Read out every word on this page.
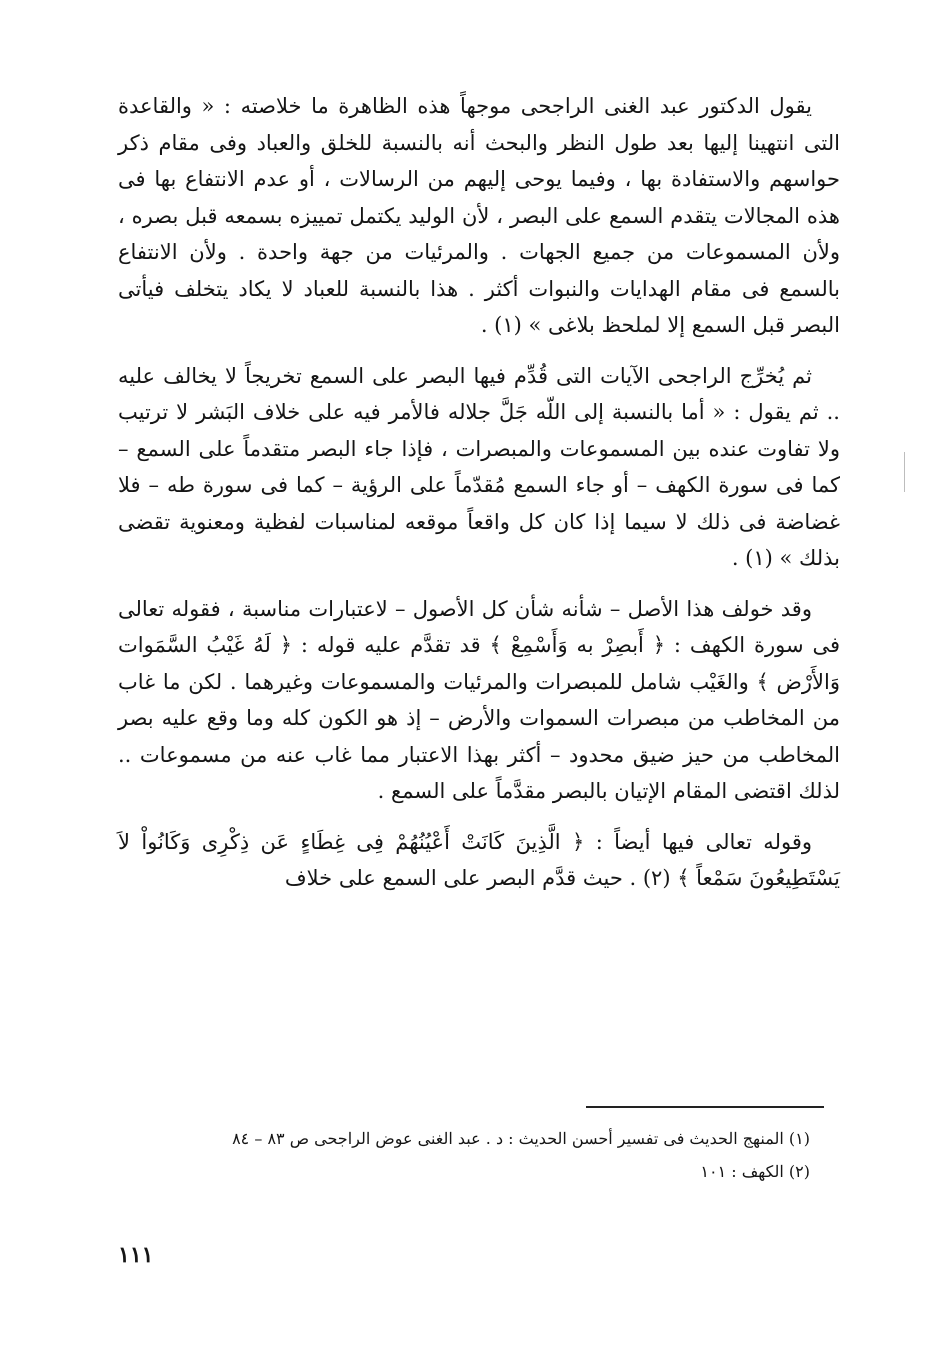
يقول الدكتور عبد الغنى الراجحى موجهاً هذه الظاهرة ما خلاصته : « والقاعدة التى انتهينا إليها بعد طول النظر والبحث أنه بالنسبة للخلق والعباد وفى مقام ذكر حواسهم والاستفادة بها ، وفيما يوحى إليهم من الرسالات ، أو عدم الانتفاع بها فى هذه المجالات يتقدم السمع على البصر ، لأن الوليد يكتمل تمييزه بسمعه قبل بصره ، ولأن المسموعات من جميع الجهات . والمرئيات من جهة واحدة . ولأن الانتفاع بالسمع فى مقام الهدايات والنبوات أكثر . هذا بالنسبة للعباد لا يكاد يتخلف فيأتى البصر قبل السمع إلا لملحظ بلاغى » (١) .

ثم يُخرِّج الراجحى الآيات التى قُدِّم فيها البصر على السمع تخريجاً لا يخالف عليه .. ثم يقول : « أما بالنسبة إلى اللّه جَلَّ جلاله فالأمر فيه على خلاف البَشر لا ترتيب ولا تفاوت عنده بين المسموعات والمبصرات ، فإذا جاء البصر متقدماً على السمع – كما فى سورة الكهف – أو جاء السمع مُقدّماً على الرؤية – كما فى سورة طه – فلا غضاضة فى ذلك لا سيما إذا كان كل واقعاً موقعه لمناسبات لفظية ومعنوية تقضى بذلك » (١) .

وقد خولف هذا الأصل – شأنه شأن كل الأصول – لاعتبارات مناسبة ، فقوله تعالى فى سورة الكهف : ﴿ أَبصِرْ به وَأَسْمِعْ ﴾ قد تقدَّم عليه قوله : ﴿ لَهُ غَيْبُ السَّمَوات وَالأَرْض ﴾ والغَيْب شامل للمبصرات والمرئيات والمسموعات وغيرهما . لكن ما غاب من المخاطب من مبصرات السموات والأرض – إذ هو الكون كله وما وقع عليه بصر المخاطب من حيز ضيق محدود – أكثر بهذا الاعتبار مما غاب عنه من مسموعات .. لذلك اقتضى المقام الإتيان بالبصر مقدَّماً على السمع .

وقوله تعالى فيها أيضاً : ﴿ الَّذِينَ كَانَتْ أَعْيُنُهُمْ فِى غِطَاءٍ عَن ذِكْرِى وَكَانُواْ لاَ يَسْتَطِيعُونَ سَمْعاً ﴾ (٢) . حيث قدَّم البصر على السمع على خلاف

(١) المنهج الحديث فى تفسير أحسن الحديث : د . عبد الغنى عوض الراجحى ص ٨٣ – ٨٤

(٢) الكهف : ١٠١

١١١
